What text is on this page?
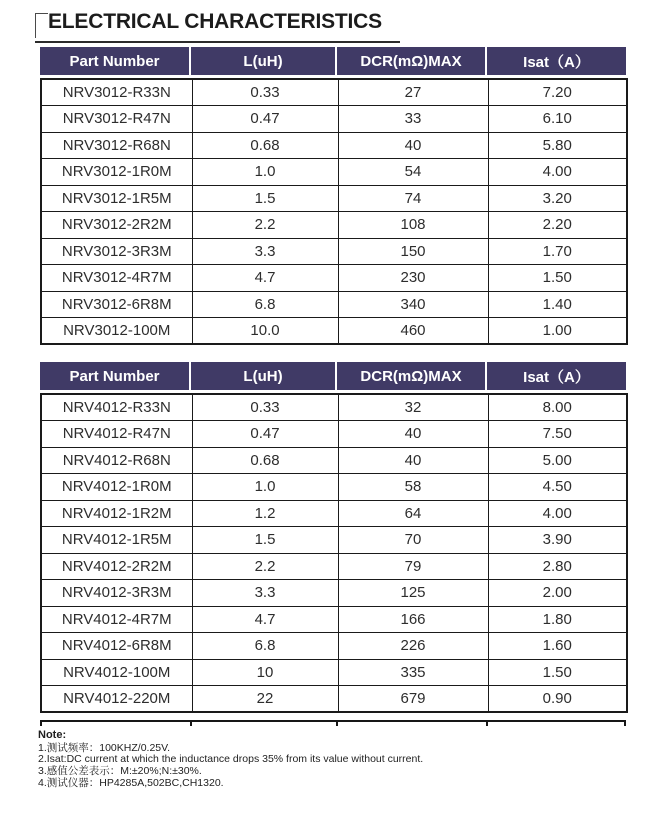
ELECTRICAL CHARACTERISTICS
Part Number	L(uH)	DCR(mΩ)MAX	Isat（A）
NRV3012-R33N	0.33	27	7.20
NRV3012-R47N	0.47	33	6.10
NRV3012-R68N	0.68	40	5.80
NRV3012-1R0M	1.0	54	4.00
NRV3012-1R5M	1.5	74	3.20
NRV3012-2R2M	2.2	108	2.20
NRV3012-3R3M	3.3	150	1.70
NRV3012-4R7M	4.7	230	1.50
NRV3012-6R8M	6.8	340	1.40
NRV3012-100M	10.0	460	1.00
Part Number	L(uH)	DCR(mΩ)MAX	Isat（A）
NRV4012-R33N	0.33	32	8.00
NRV4012-R47N	0.47	40	7.50
NRV4012-R68N	0.68	40	5.00
NRV4012-1R0M	1.0	58	4.50
NRV4012-1R2M	1.2	64	4.00
NRV4012-1R5M	1.5	70	3.90
NRV4012-2R2M	2.2	79	2.80
NRV4012-3R3M	3.3	125	2.00
NRV4012-4R7M	4.7	166	1.80
NRV4012-6R8M	6.8	226	1.60
NRV4012-100M	10	335	1.50
NRV4012-220M	22	679	0.90
Note:
1.测试频率：100KHZ/0.25V.
2.Isat:DC current at which the inductance drops 35% from its value without current.
3.感值公差表示：M:±20%;N:±30%.
4.测试仪器：HP4285A,502BC,CH1320.
